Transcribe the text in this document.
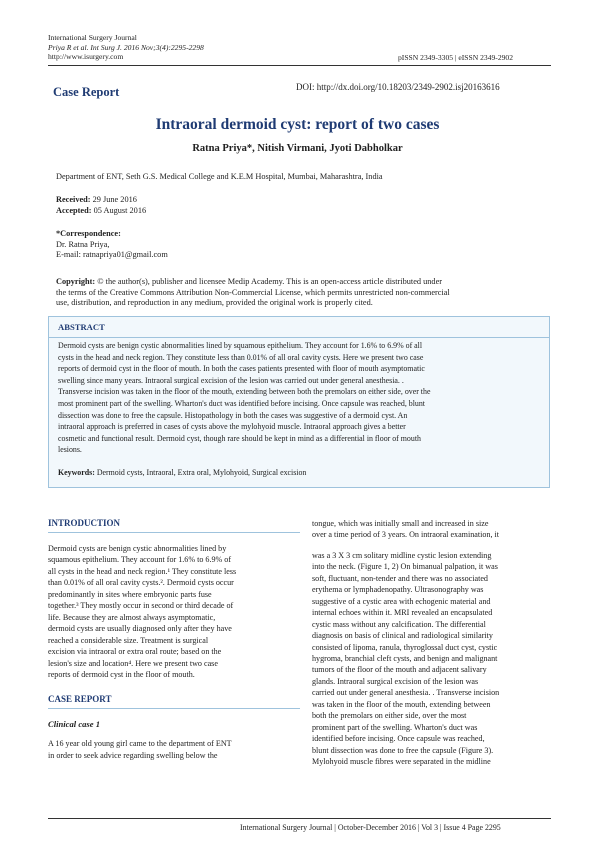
International Surgery Journal
Priya R et al. Int Surg J. 2016 Nov;3(4):2295-2298
http://www.isurgery.com	pISSN 2349-3305 | eISSN 2349-2902
Case Report	DOI: http://dx.doi.org/10.18203/2349-2902.isj20163616
Intraoral dermoid cyst: report of two cases
Ratna Priya*, Nitish Virmani, Jyoti Dabholkar
Department of ENT, Seth G.S. Medical College and K.E.M Hospital, Mumbai, Maharashtra, India
Received: 29 June 2016
Accepted: 05 August 2016
*Correspondence:
Dr. Ratna Priya,
E-mail: ratnapriya01@gmail.com
Copyright: © the author(s), publisher and licensee Medip Academy. This is an open-access article distributed under
the terms of the Creative Commons Attribution Non-Commercial License, which permits unrestricted non-commercial
use, distribution, and reproduction in any medium, provided the original work is properly cited.
ABSTRACT
Dermoid cysts are benign cystic abnormalities lined by squamous epithelium. They account for 1.6% to 6.9% of all
cysts in the head and neck region. They constitute less than 0.01% of all oral cavity cysts. Here we present two case
reports of dermoid cyst in the floor of mouth. In both the cases patients presented with floor of mouth asymptomatic
swelling since many years. Intraoral surgical excision of the lesion was carried out under general anesthesia. .
Transverse incision was taken in the floor of the mouth, extending between both the premolars on either side, over the
most prominent part of the swelling. Wharton's duct was identified before incising. Once capsule was reached, blunt
dissection was done to free the capsule. Histopathology in both the cases was suggestive of a dermoid cyst. An
intraoral approach is preferred in cases of cysts above the mylohyoid muscle. Intraoral approach gives a better
cosmetic and functional result. Dermoid cyst, though rare should be kept in mind as a differential in floor of mouth
lesions.
Keywords: Dermoid cysts, Intraoral, Extra oral, Mylohyoid, Surgical excision
INTRODUCTION
Dermoid cysts are benign cystic abnormalities lined by
squamous epithelium. They account for 1.6% to 6.9% of
all cysts in the head and neck region.¹ They constitute less
than 0.01% of all oral cavity cysts.². Dermoid cysts occur
predominantly in sites where embryonic parts fuse
together.³ They mostly occur in second or third decade of
life. Because they are almost always asymptomatic,
dermoid cysts are usually diagnosed only after they have
reached a considerable size. Treatment is surgical
excision via intraoral or extra oral route; based on the
lesion's size and location⁴. Here we present two case
reports of dermoid cyst in the floor of mouth.
CASE REPORT
Clinical case 1
A 16 year old young girl came to the department of ENT
in order to seek advice regarding swelling below the
tongue, which was initially small and increased in size
over a time period of 3 years. On intraoral examination, it
was a 3 X 3 cm solitary midline cystic lesion extending
into the neck. (Figure 1, 2) On bimanual palpation, it was
soft, fluctuant, non-tender and there was no associated
erythema or lymphadenopathy. Ultrasonography was
suggestive of a cystic area with echogenic material and
internal echoes within it. MRI revealed an encapsulated
cystic mass without any calcification. The differential
diagnosis on basis of clinical and radiological similarity
consisted of lipoma, ranula, thyroglossal duct cyst, cystic
hygroma, branchial cleft cysts, and benign and malignant
tumors of the floor of the mouth and adjacent salivary
glands. Intraoral surgical excision of the lesion was
carried out under general anesthesia. . Transverse incision
was taken in the floor of the mouth, extending between
both the premolars on either side, over the most
prominent part of the swelling. Wharton's duct was
identified before incising. Once capsule was reached,
blunt dissection was done to free the capsule (Figure 3).
Mylohyoid muscle fibres were separated in the midline
International Surgery Journal | October-December 2016 | Vol 3 | Issue 4 Page 2295
